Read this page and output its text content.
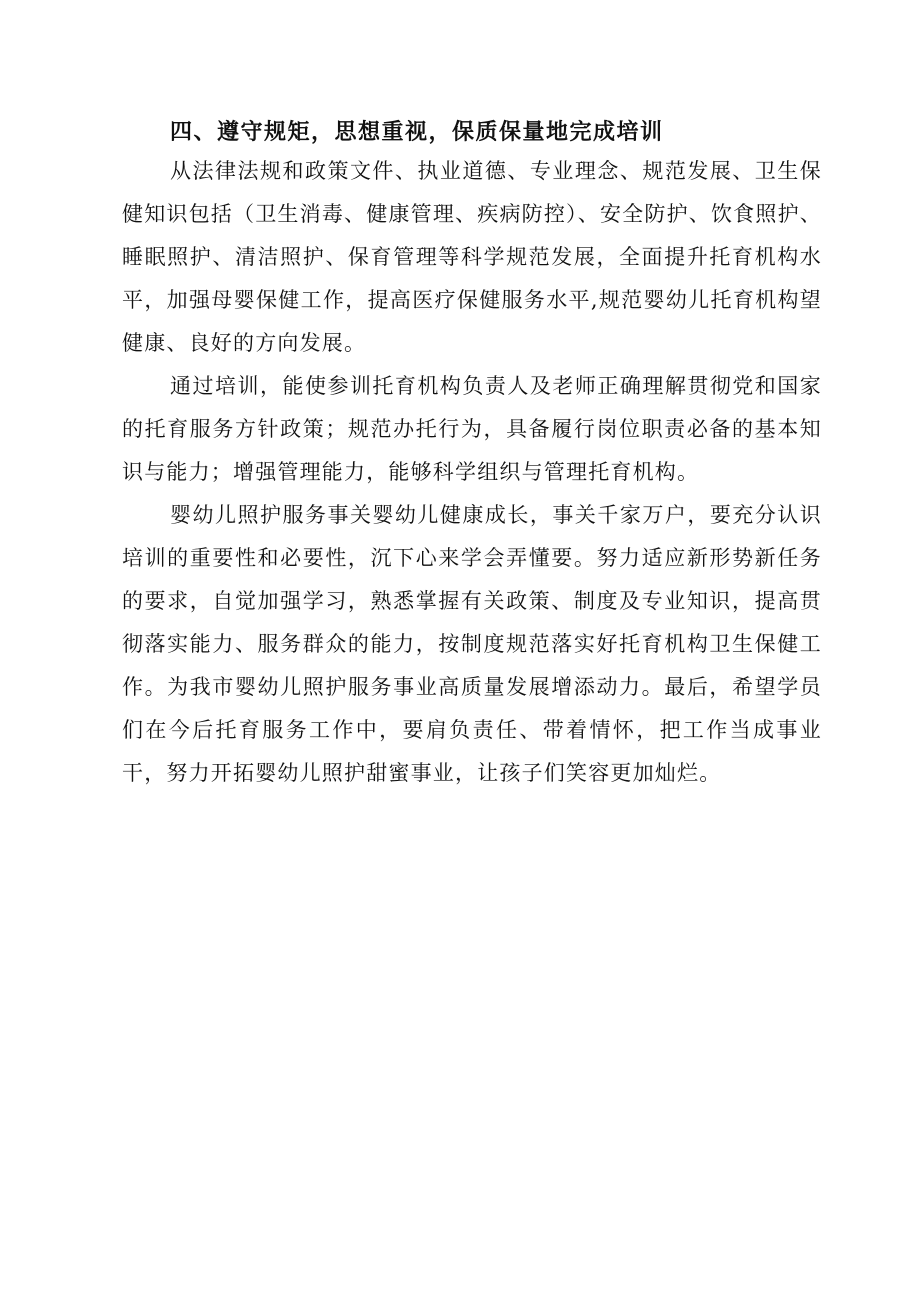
四、遵守规矩，思想重视，保质保量地完成培训

从法律法规和政策文件、执业道德、专业理念、规范发展、卫生保健知识包括（卫生消毒、健康管理、疾病防控）、安全防护、饮食照护、睡眠照护、清洁照护、保育管理等科学规范发展，全面提升托育机构水平，加强母婴保健工作，提高医疗保健服务水平,规范婴幼儿托育机构望健康、良好的方向发展。

通过培训，能使参训托育机构负责人及老师正确理解贯彻党和国家的托育服务方针政策；规范办托行为，具备履行岗位职责必备的基本知识与能力；增强管理能力，能够科学组织与管理托育机构。

婴幼儿照护服务事关婴幼儿健康成长，事关千家万户，要充分认识培训的重要性和必要性，沉下心来学会弄懂要。努力适应新形势新任务的要求，自觉加强学习，熟悉掌握有关政策、制度及专业知识，提高贯彻落实能力、服务群众的能力，按制度规范落实好托育机构卫生保健工作。为我市婴幼儿照护服务事业高质量发展增添动力。最后，希望学员们在今后托育服务工作中，要肩负责任、带着情怀，把工作当成事业干，努力开拓婴幼儿照护甜蜜事业，让孩子们笑容更加灿烂。
